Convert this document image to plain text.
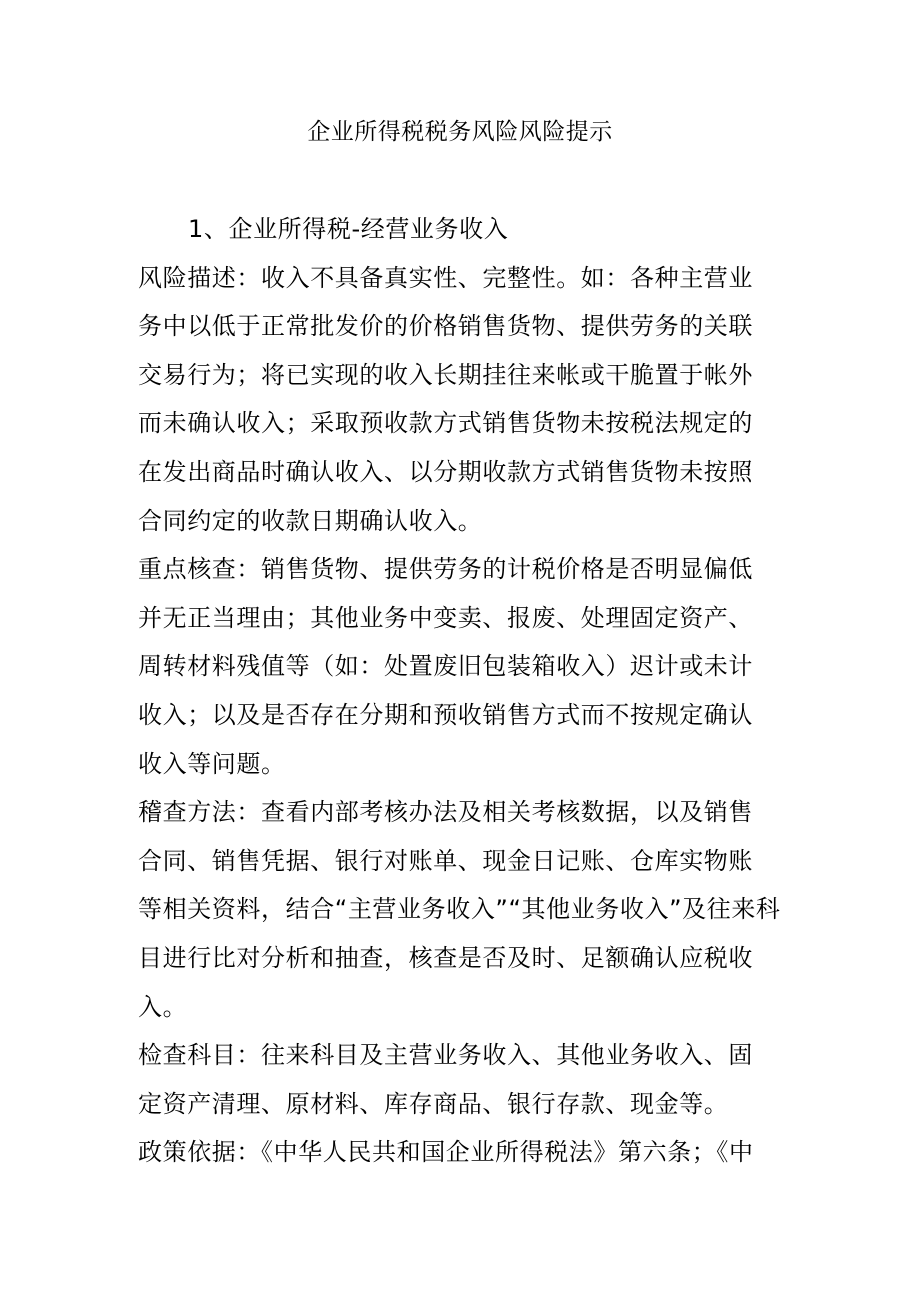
企业所得税税务风险风险提示
1、企业所得税-经营业务收入
风险描述：收入不具备真实性、完整性。如：各种主营业
务中以低于正常批发价的价格销售货物、提供劳务的关联
交易行为；将已实现的收入长期挂往来帐或干脆置于帐外
而未确认收入；采取预收款方式销售货物未按税法规定的
在发出商品时确认收入、以分期收款方式销售货物未按照
合同约定的收款日期确认收入。
重点核查：销售货物、提供劳务的计税价格是否明显偏低
并无正当理由；其他业务中变卖、报废、处理固定资产、
周转材料残值等（如：处置废旧包装箱收入）迟计或未计
收入；以及是否存在分期和预收销售方式而不按规定确认
收入等问题。
稽查方法：查看内部考核办法及相关考核数据，以及销售
合同、销售凭据、银行对账单、现金日记账、仓库实物账
等相关资料，结合“主营业务收入”“其他业务收入”及往来科
目进行比对分析和抽查，核查是否及时、足额确认应税收
入。
检查科目：往来科目及主营业务收入、其他业务收入、固
定资产清理、原材料、库存商品、银行存款、现金等。
政策依据：《中华人民共和国企业所得税法》第六条；《中
